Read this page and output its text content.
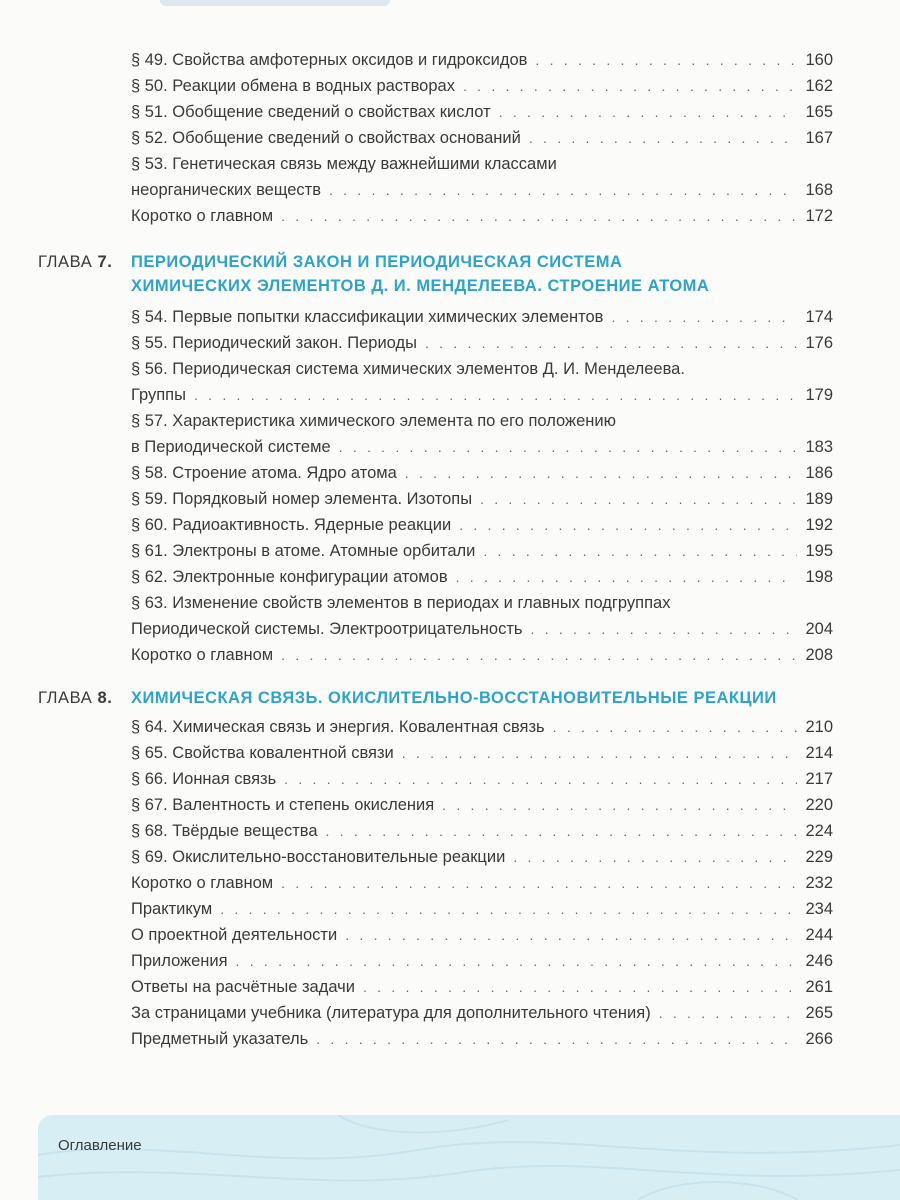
§ 49. Свойства амфотерных оксидов и гидроксидов . . .	160
§ 50. Реакции обмена в водных растворах . . .	162
§ 51. Обобщение сведений о свойствах кислот . . .	165
§ 52. Обобщение сведений о свойствах оснований . . .	167
§ 53. Генетическая связь между важнейшими классами
неорганических веществ . . .	168
Коротко о главном . . .	172
ГЛАВА 7. ПЕРИОДИЧЕСКИЙ ЗАКОН И ПЕРИОДИЧЕСКАЯ СИСТЕМА
ХИМИЧЕСКИХ ЭЛЕМЕНТОВ Д. И. МЕНДЕЛЕЕВА. СТРОЕНИЕ АТОМА
§ 54. Первые попытки классификации химических элементов . . .	174
§ 55. Периодический закон. Периоды . . .	176
§ 56. Периодическая система химических элементов Д. И. Менделеева.
Группы . . .	179
§ 57. Характеристика химического элемента по его положению
в Периодической системе . . .	183
§ 58. Строение атома. Ядро атома . . .	186
§ 59. Порядковый номер элемента. Изотопы . . .	189
§ 60. Радиоактивность. Ядерные реакции . . .	192
§ 61. Электроны в атоме. Атомные орбитали . . .	195
§ 62. Электронные конфигурации атомов . . .	198
§ 63. Изменение свойств элементов в периодах и главных подгруппах
Периодической системы. Электроотрицательность . . .	204
Коротко о главном . . .	208
ГЛАВА 8. ХИМИЧЕСКАЯ СВЯЗЬ. ОКИСЛИТЕЛЬНО-ВОССТАНОВИТЕЛЬНЫЕ РЕАКЦИИ
§ 64. Химическая связь и энергия. Ковалентная связь . . .	210
§ 65. Свойства ковалентной связи . . .	214
§ 66. Ионная связь . . .	217
§ 67. Валентность и степень окисления . . .	220
§ 68. Твёрдые вещества . . .	224
§ 69. Окислительно-восстановительные реакции . . .	229
Коротко о главном . . .	232
Практикум . . .	234
О проектной деятельности . . .	244
Приложения . . .	246
Ответы на расчётные задачи . . .	261
За страницами учебника (литература для дополнительного чтения) . . .	265
Предметный указатель . . .	266
Оглавление
